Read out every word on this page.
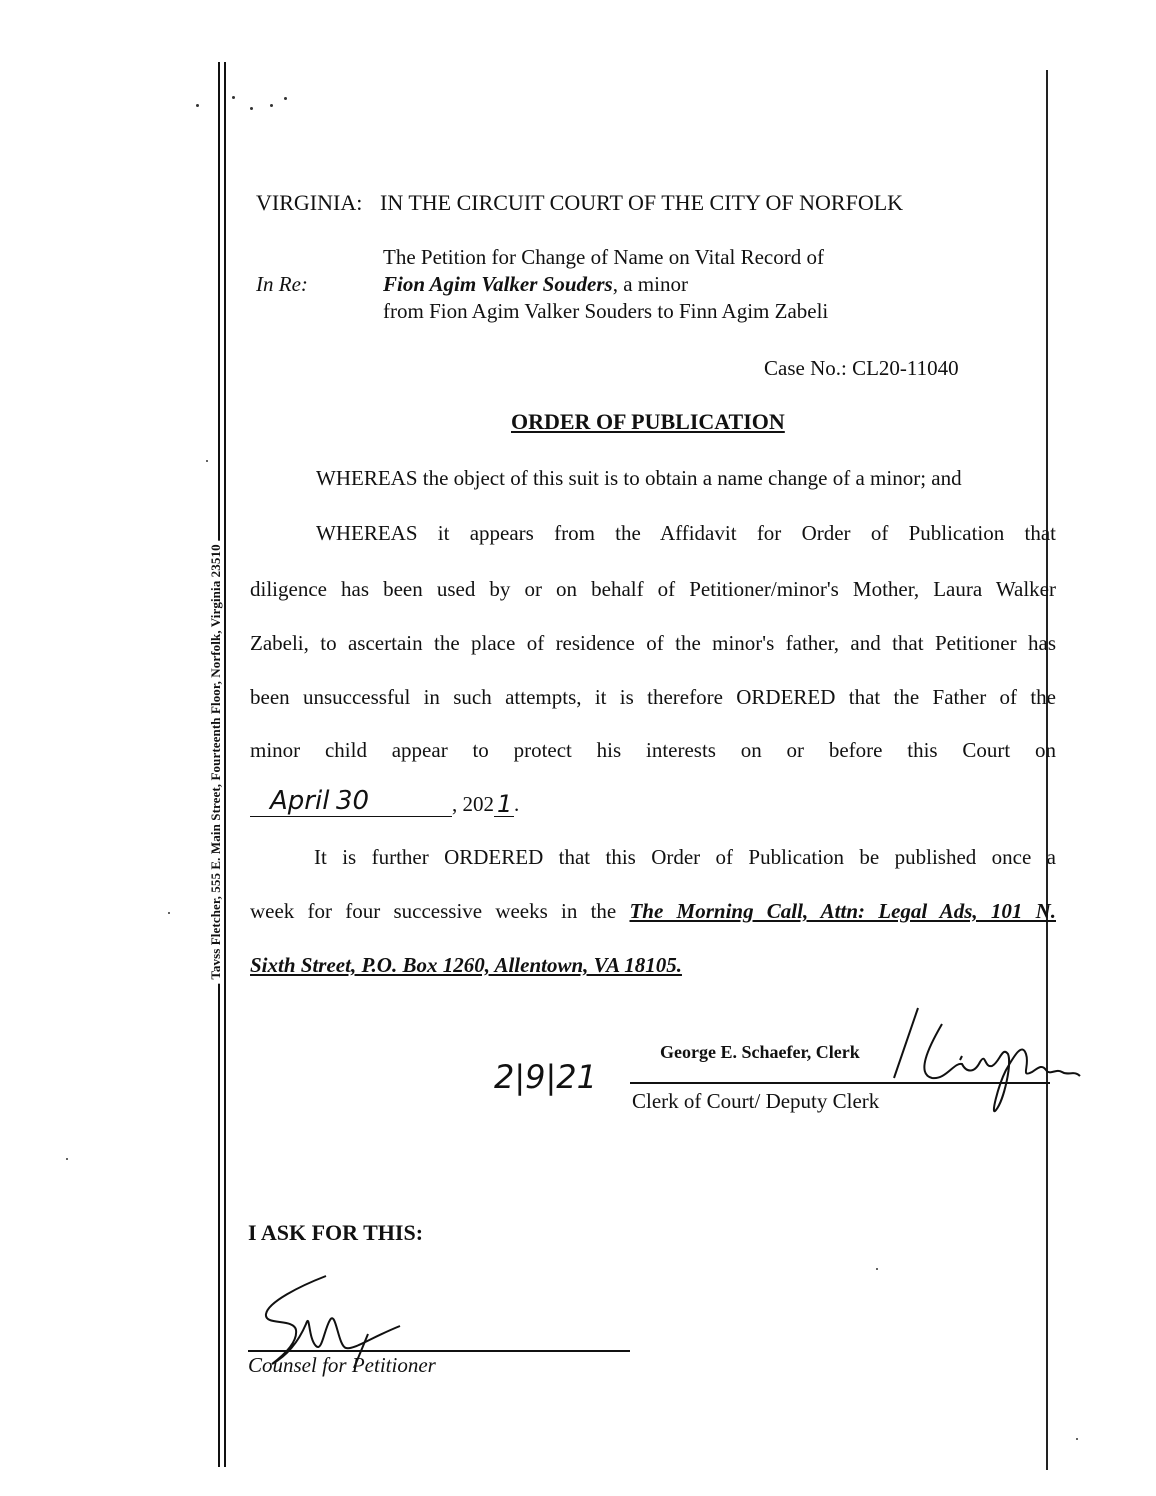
Tavss Fletcher, 555 E. Main Street, Fourteenth Floor, Norfolk, Virginia 23510
VIRGINIA: IN THE CIRCUIT COURT OF THE CITY OF NORFOLK
In Re:
The Petition for Change of Name on Vital Record of
Fion Agim Valker Souders, a minor
from Fion Agim Valker Souders to Finn Agim Zabeli
Case No.: CL20-11040
ORDER OF PUBLICATION
WHEREAS the object of this suit is to obtain a name change of a minor; and
WHEREAS it appears from the Affidavit for Order of Publication that
diligence has been used by or on behalf of Petitioner/minor's Mother, Laura Walker
Zabeli, to ascertain the place of residence of the minor's father, and that Petitioner has
been unsuccessful in such attempts, it is therefore ORDERED that the Father of the
minor child appear to protect his interests on or before this Court on
April 30	, 202 1 .
It is further ORDERED that this Order of Publication be published once a
week for four successive weeks in the The Morning Call, Attn: Legal Ads, 101 N.
Sixth Street, P.O. Box 1260, Allentown, VA 18105.
2|9|21
George E. Schaefer, Clerk
Clerk of Court/ Deputy Clerk
I ASK FOR THIS:
Counsel for Petitioner
